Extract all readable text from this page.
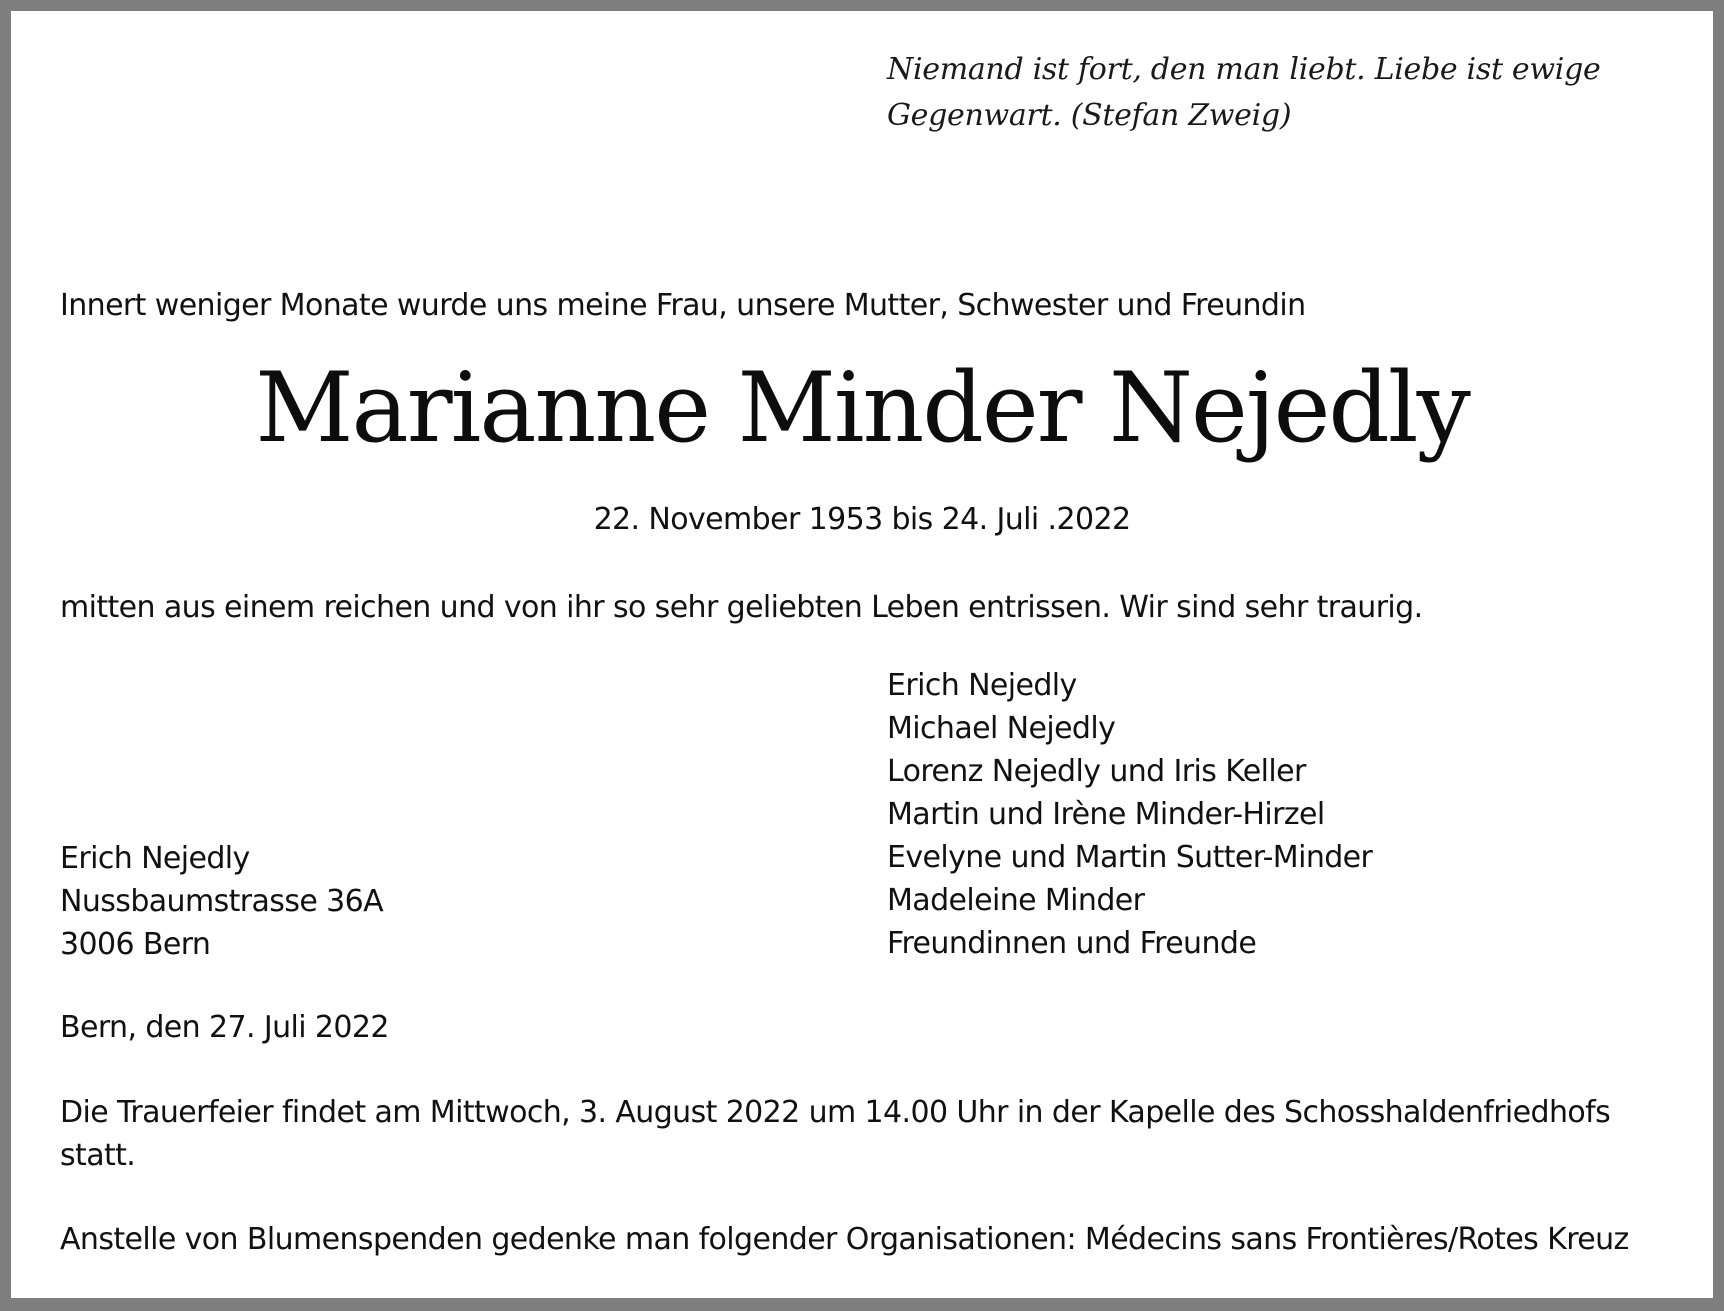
Niemand ist fort, den man liebt. Liebe ist ewige
Gegenwart. (Stefan Zweig)
Innert weniger Monate wurde uns meine Frau, unsere Mutter, Schwester und Freundin
Marianne Minder Nejedly
22. November 1953 bis 24. Juli .2022
mitten aus einem reichen und von ihr so sehr geliebten Leben entrissen. Wir sind sehr traurig.
Erich Nejedly
Michael Nejedly
Lorenz Nejedly und Iris Keller
Martin und Irène Minder-Hirzel
Evelyne und Martin Sutter-Minder
Madeleine Minder
Freundinnen und Freunde
Erich Nejedly
Nussbaumstrasse 36A
3006 Bern
Bern, den 27. Juli 2022
Die Trauerfeier findet am Mittwoch, 3. August 2022 um 14.00 Uhr in der Kapelle des Schosshaldenfriedhofs statt.
Anstelle von Blumenspenden gedenke man folgender Organisationen: Médecins sans Frontières/Rotes Kreuz
